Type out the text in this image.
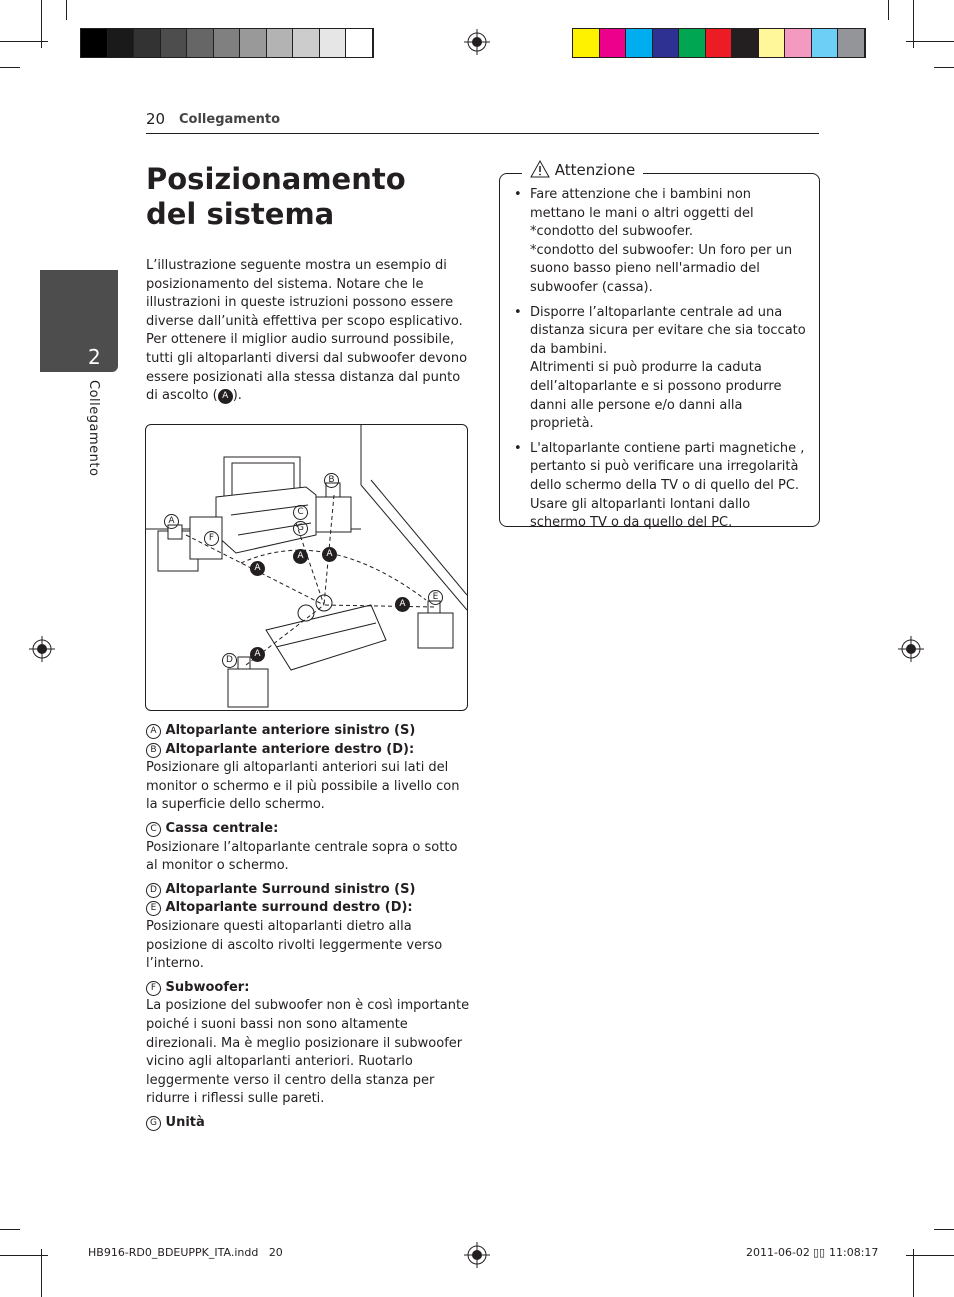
20 Collegamento
2
Collegamento
Posizionamento del sistema
L’illustrazione seguente mostra un esempio di posizionamento del sistema. Notare che le illustrazioni in queste istruzioni possono essere diverse dall’unità effettiva per scopo esplicativo. Per ottenere il miglior audio surround possibile, tutti gli altoparlanti diversi dal subwoofer devono essere posizionati alla stessa distanza dal punto di ascolto ( A ).
B
C
G
A
F
E
D
A
A	A
A
A
A Altoparlante anteriore sinistro (S)
B Altoparlante anteriore destro (D):
Posizionare gli altoparlanti anteriori sui lati del monitor o schermo e il più possibile a livello con la superficie dello schermo.
C Cassa centrale:
Posizionare l’altoparlante centrale sopra o sotto al monitor o schermo.
D Altoparlante Surround sinistro (S)
E Altoparlante surround destro (D):
Posizionare questi altoparlanti dietro alla posizione di ascolto rivolti leggermente verso l’interno.
F Subwoofer:
La posizione del subwoofer non è così importante poiché i suoni bassi non sono altamente direzionali. Ma è meglio posizionare il subwoofer vicino agli altoparlanti anteriori. Ruotarlo leggermente verso il centro della stanza per ridurre i riflessi sulle pareti.
G Unità
Attenzione
• Fare attenzione che i bambini non mettano le mani o altri oggetti del *condotto del subwoofer.
*condotto del subwoofer: Un foro per un suono basso pieno nell'armadio del subwoofer (cassa).
• Disporre l’altoparlante centrale ad una distanza sicura per evitare che sia toccato da bambini.
Altrimenti si può produrre la caduta dell’altoparlante e si possono produrre danni alle persone e/o danni alla proprietà.
• L'altoparlante contiene parti magnetiche , pertanto si può verificare una irregolarità dello schermo della TV o di quello del PC. Usare gli altoparlanti lontani dallo schermo TV o da quello del PC.
HB916-RD0_BDEUPPK_ITA.indd   20	2011-06-02 ▯▯ 11:08:17
